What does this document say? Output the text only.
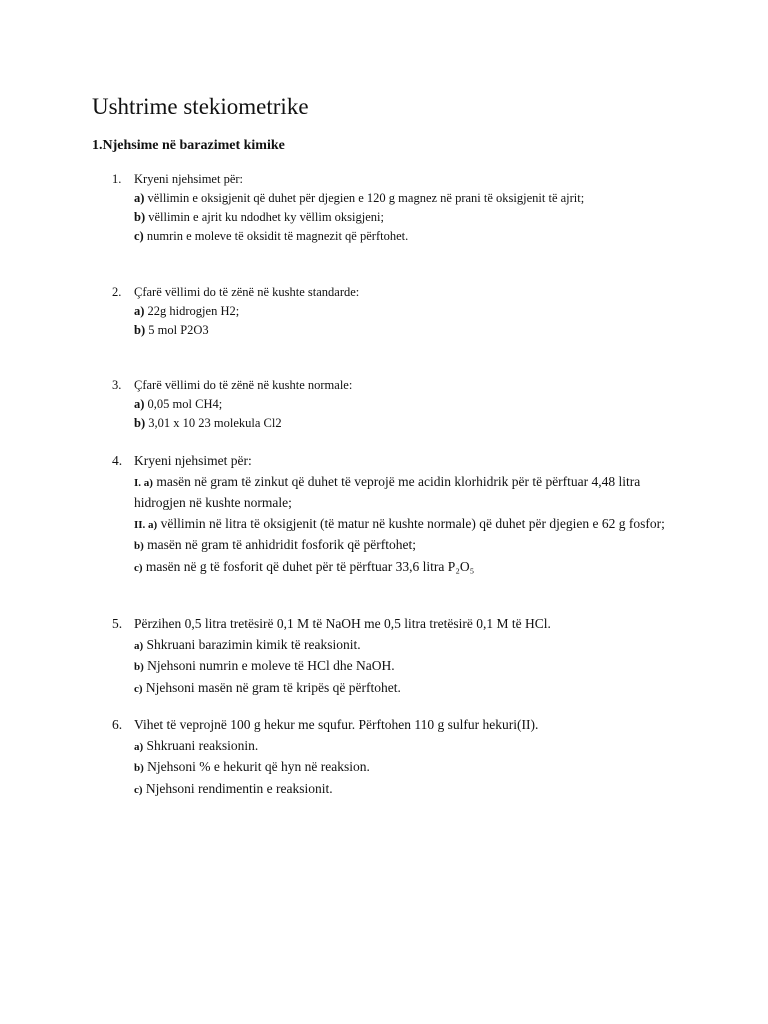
Ushtrime stekiometrike
1.Njehsime në barazimet kimike
1.	Kryeni njehsimet për:
a) vëllimin e oksigjenit që duhet për djegien e 120 g magnez në prani të oksigjenit të ajrit;
b) vëllimin e ajrit ku ndodhet ky vëllim oksigjeni;
c) numrin e moleve të oksidit të magnezit që përftohet.
2.	Çfarë vëllimi do të zënë në kushte standarde:
a) 22g hidrogjen H2;
b) 5 mol P2O3
3.	Çfarë vëllimi do të zënë në kushte normale:
a) 0,05 mol CH4;
b) 3,01 x 10 23 molekula Cl2
4. Kryeni njehsimet për:
I. a) masën në gram të zinkut që duhet të veprojë me acidin klorhidrik për të përftuar 4,48 litra hidrogjen në kushte normale;
II. a) vëllimin në litra të oksigjenit (të matur në kushte normale) që duhet për djegien e 62 g fosfor;
b) masën në gram të anhidridit fosforik që përftohet;
c) masën në g të fosforit që duhet për të përftuar 33,6 litra P₂O₅
5. Përzihen 0,5 litra tretësirë 0,1 M të NaOH me 0,5 litra tretësirë 0,1 M të HCl.
a) Shkruani barazimin kimik të reaksionit.
b) Njehsoni numrin e moleve të HCl dhe NaOH.
c) Njehsoni masën në gram të kripës që përftohet.
6. Vihet të veprojnë 100 g hekur me squfur. Përftohen 110 g sulfur hekuri(II).
a) Shkruani reaksionin.
b) Njehsoni % e hekurit që hyn në reaksion.
c) Njehsoni rendimentin e reaksionit.
